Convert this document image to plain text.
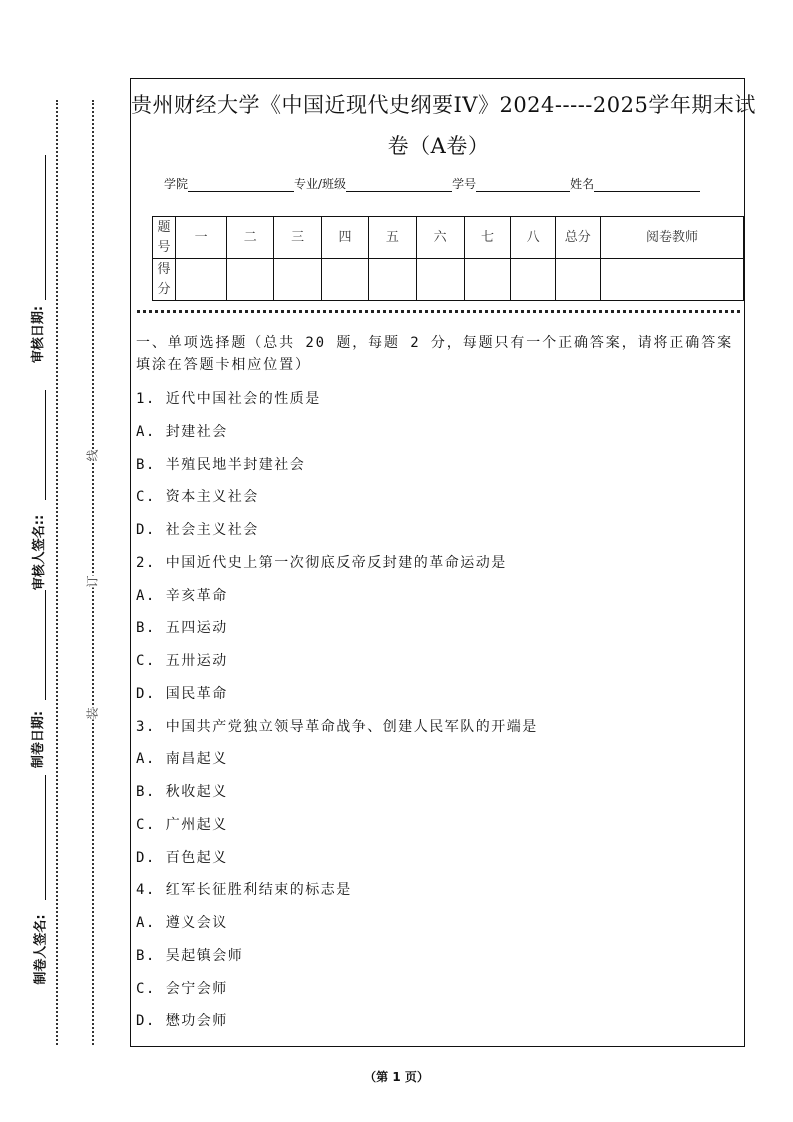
审核日期:
审核人签名::
制卷日期:
制卷人签名:
线
订
装
贵州财经大学《中国近现代史纲要IV》2024-----2025学年期末试
卷（A卷）
学院	专业/班级	学号	姓名
题号	一	二	三	四	五	六	七	八	总分	阅卷教师
得分										
一、单项选择题（总共 20 题，每题 2 分，每题只有一个正确答案，请将正确答案填涂在答题卡相应位置）
1. 近代中国社会的性质是
A. 封建社会
B. 半殖民地半封建社会
C. 资本主义社会
D. 社会主义社会
2. 中国近代史上第一次彻底反帝反封建的革命运动是
A. 辛亥革命
B. 五四运动
C. 五卅运动
D. 国民革命
3. 中国共产党独立领导革命战争、创建人民军队的开端是
A. 南昌起义
B. 秋收起义
C. 广州起义
D. 百色起义
4. 红军长征胜利结束的标志是
A. 遵义会议
B. 吴起镇会师
C. 会宁会师
D. 懋功会师
（第 1 页）
